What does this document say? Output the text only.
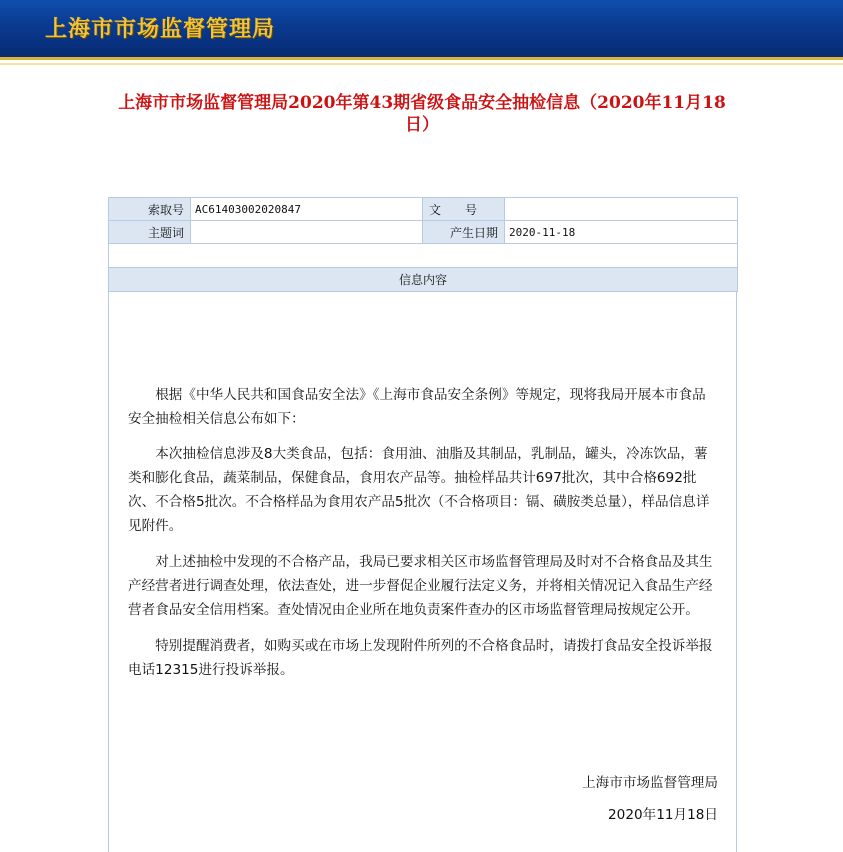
上海市市场监督管理局
上海市市场监督管理局2020年第43期省级食品安全抽检信息（2020年11月18日）
索取号	AC61403002020847	文　　号	
主题词		产生日期	2020-11-18

信息内容			

根据《中华人民共和国食品安全法》《上海市食品安全条例》等规定，现将我局开展本市食品安全抽检相关信息公布如下：

本次抽检信息涉及8大类食品，包括：食用油、油脂及其制品，乳制品，罐头，冷冻饮品，薯类和膨化食品，蔬菜制品，保健食品，食用农产品等。抽检样品共计697批次，其中合格692批次、不合格5批次。不合格样品为食用农产品5批次（不合格项目：镉、磺胺类总量），样品信息详见附件。

对上述抽检中发现的不合格产品，我局已要求相关区市场监督管理局及时对不合格食品及其生产经营者进行调查处理，依法查处，进一步督促企业履行法定义务，并将相关情况记入食品生产经营者食品安全信用档案。查处情况由企业所在地负责案件查办的区市场监督管理局按规定公开。

特别提醒消费者，如购买或在市场上发现附件所列的不合格食品时，请拨打食品安全投诉举报电话12315进行投诉举报。

上海市市场监督管理局
2020年11月18日
